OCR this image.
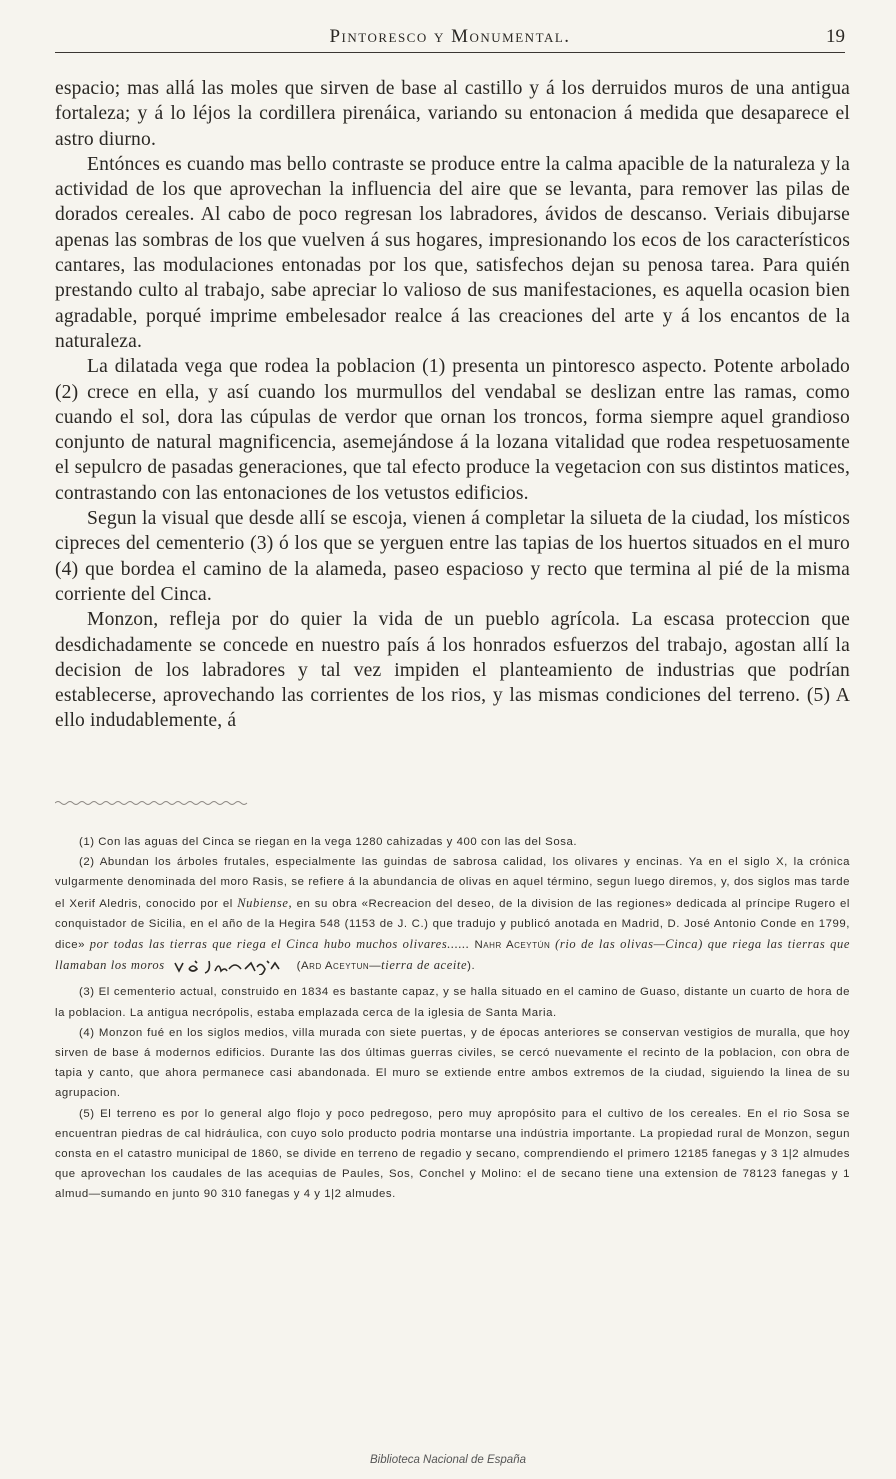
Pintoresco y Monumental.	19

espacio; mas allá las moles que sirven de base al castillo y á los derruidos muros de una antigua fortaleza; y á lo léjos la cordillera pirenáica, variando su entonacion á medida que desaparece el astro diurno.

Entónces es cuando mas bello contraste se produce entre la calma apacible de la naturaleza y la actividad de los que aprovechan la influencia del aire que se levanta, para remover las pilas de dorados cereales. Al cabo de poco regresan los labradores, ávidos de descanso. Veriais dibujarse apenas las sombras de los que vuelven á sus hogares, impresionando los ecos de los característicos cantares, las modulaciones entonadas por los que, satisfechos dejan su penosa tarea. Para quién prestando culto al trabajo, sabe apreciar lo valioso de sus manifestaciones, es aquella ocasion bien agradable, porqué imprime embelesador realce á las creaciones del arte y á los encantos de la naturaleza.

La dilatada vega que rodea la poblacion (1) presenta un pintoresco aspecto. Potente arbolado (2) crece en ella, y así cuando los murmullos del vendabal se deslizan entre las ramas, como cuando el sol, dora las cúpulas de verdor que ornan los troncos, forma siempre aquel grandioso conjunto de natural magnificencia, asemejándose á la lozana vitalidad que rodea respetuosamente el sepulcro de pasadas generaciones, que tal efecto produce la vegetacion con sus distintos matices, contrastando con las entonaciones de los vetustos edificios.

Segun la visual que desde allí se escoja, vienen á completar la silueta de la ciudad, los místicos cipreces del cementerio (3) ó los que se yerguen entre las tapias de los huertos situados en el muro (4) que bordea el camino de la alameda, paseo espacioso y recto que termina al pié de la misma corriente del Cinca.

Monzon, refleja por do quier la vida de un pueblo agrícola. La escasa proteccion que desdichadamente se concede en nuestro país á los honrados esfuerzos del trabajo, agostan allí la decision de los labradores y tal vez impiden el planteamiento de industrias que podrían establecerse, aprovechando las corrientes de los rios, y las mismas condiciones del terreno. (5) A ello indudablemente, á

(1) Con las aguas del Cinca se riegan en la vega 1280 cahizadas y 400 con las del Sosa.

(2) Abundan los árboles frutales, especialmente las guindas de sabrosa calidad, los olivares y encinas. Ya en el siglo X, la crónica vulgarmente denominada del moro Rasis, se refiere á la abundancia de olivas en aquel término, segun luego diremos, y, dos siglos mas tarde el Xerif Aledris, conocido por el Nubiense, en su obra «Recreacion del deseo, de la division de las regiones» dedicada al príncipe Rugero el conquistador de Sicilia, en el año de la Hegira 548 (1153 de J. C.) que tradujo y publicó anotada en Madrid, D. José Antonio Conde en 1799, dice» por todas las tierras que riega el Cinca hubo muchos olivares...... Nahr Aceytún (rio de las olivas—Cinca) que riega las tierras que llamaban los moros	(Ard Aceytun—tierra de aceite).

(3) El cementerio actual, construido en 1834 es bastante capaz, y se halla situado en el camino de Guaso, distante un cuarto de hora de la poblacion. La antigua necrópolis, estaba emplazada cerca de la iglesia de Santa Maria.

(4) Monzon fué en los siglos medios, villa murada con siete puertas, y de épocas anteriores se conservan vestigios de muralla, que hoy sirven de base á modernos edificios. Durante las dos últimas guerras civiles, se cercó nuevamente el recinto de la poblacion, con obra de tapia y canto, que ahora permanece casi abandonada. El muro se extiende entre ambos extremos de la ciudad, siguiendo la linea de su agrupacion.

(5) El terreno es por lo general algo flojo y poco pedregoso, pero muy apropósito para el cultivo de los cereales. En el rio Sosa se encuentran piedras de cal hidráulica, con cuyo solo producto podria montarse una indústria importante. La propiedad rural de Monzon, segun consta en el catastro municipal de 1860, se divide en terreno de regadio y secano, comprendiendo el primero 12185 fanegas y 3 1|2 almudes que aprovechan los caudales de las acequias de Paules, Sos, Conchel y Molino: el de secano tiene una extension de 78123 fanegas y 1 almud—sumando en junto 90 310 fanegas y 4 y 1|2 almudes.

Biblioteca Nacional de España
